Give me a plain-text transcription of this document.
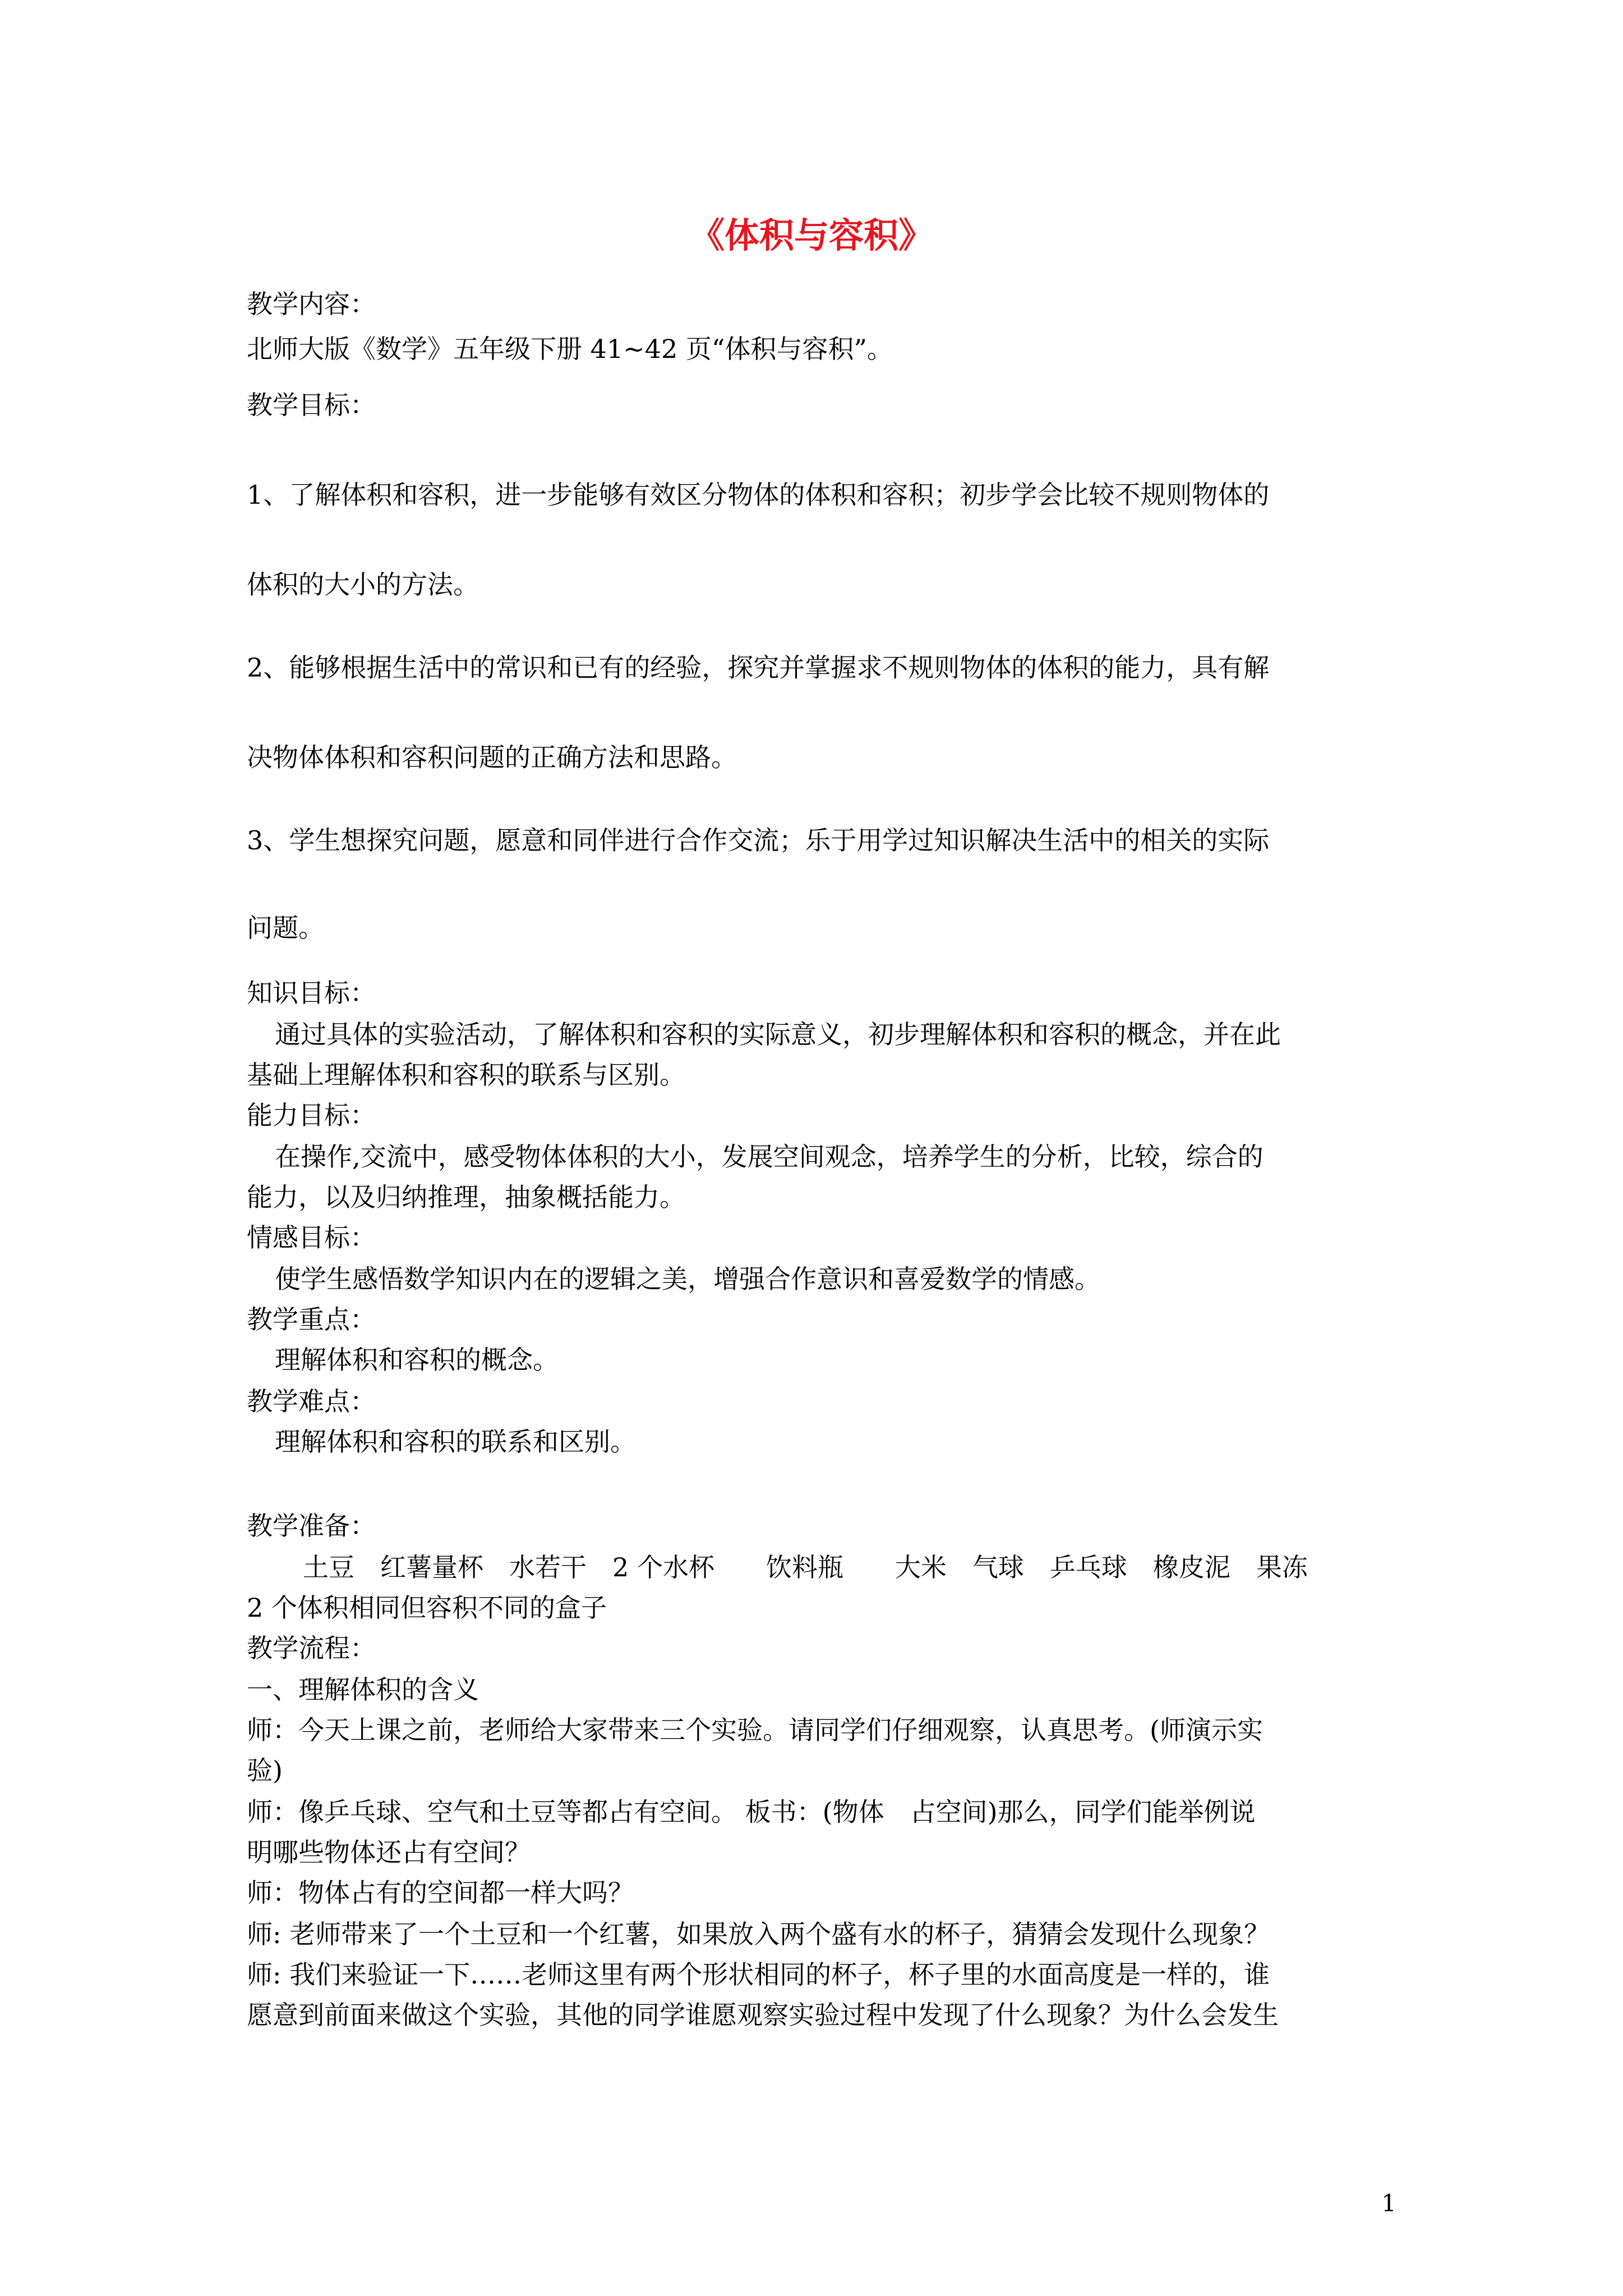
《体积与容积》
教学内容：
北师大版《数学》五年级下册 41~42 页“体积与容积”。
教学目标：
1、了解体积和容积，进一步能够有效区分物体的体积和容积；初步学会比较不规则物体的
体积的大小的方法。
2、能够根据生活中的常识和已有的经验，探究并掌握求不规则物体的体积的能力，具有解
决物体体积和容积问题的正确方法和思路。
3、学生想探究问题，愿意和同伴进行合作交流；乐于用学过知识解决生活中的相关的实际
问题。
知识目标：
通过具体的实验活动，了解体积和容积的实际意义，初步理解体积和容积的概念，并在此
基础上理解体积和容积的联系与区别。
能力目标：
在操作,交流中，感受物体体积的大小，发展空间观念，培养学生的分析，比较，综合的
能力，以及归纳推理，抽象概括能力。
情感目标：
使学生感悟数学知识内在的逻辑之美，增强合作意识和喜爱数学的情感。
教学重点：
理解体积和容积的概念。
教学难点：
理解体积和容积的联系和区别。
教学准备：
土豆　红薯量杯　水若干　2 个水杯　　饮料瓶　　大米　气球　乒乓球　橡皮泥　果冻
2 个体积相同但容积不同的盒子
教学流程：
一、理解体积的含义
师：今天上课之前，老师给大家带来三个实验。请同学们仔细观察，认真思考。(师演示实
验)
师：像乒乓球、空气和土豆等都占有空间。 板书：(物体　占空间)那么，同学们能举例说
明哪些物体还占有空间？
师：物体占有的空间都一样大吗？
师: 老师带来了一个土豆和一个红薯，如果放入两个盛有水的杯子，猜猜会发现什么现象？
师: 我们来验证一下……老师这里有两个形状相同的杯子，杯子里的水面高度是一样的，谁
愿意到前面来做这个实验，其他的同学谁愿观察实验过程中发现了什么现象？为什么会发生
1
